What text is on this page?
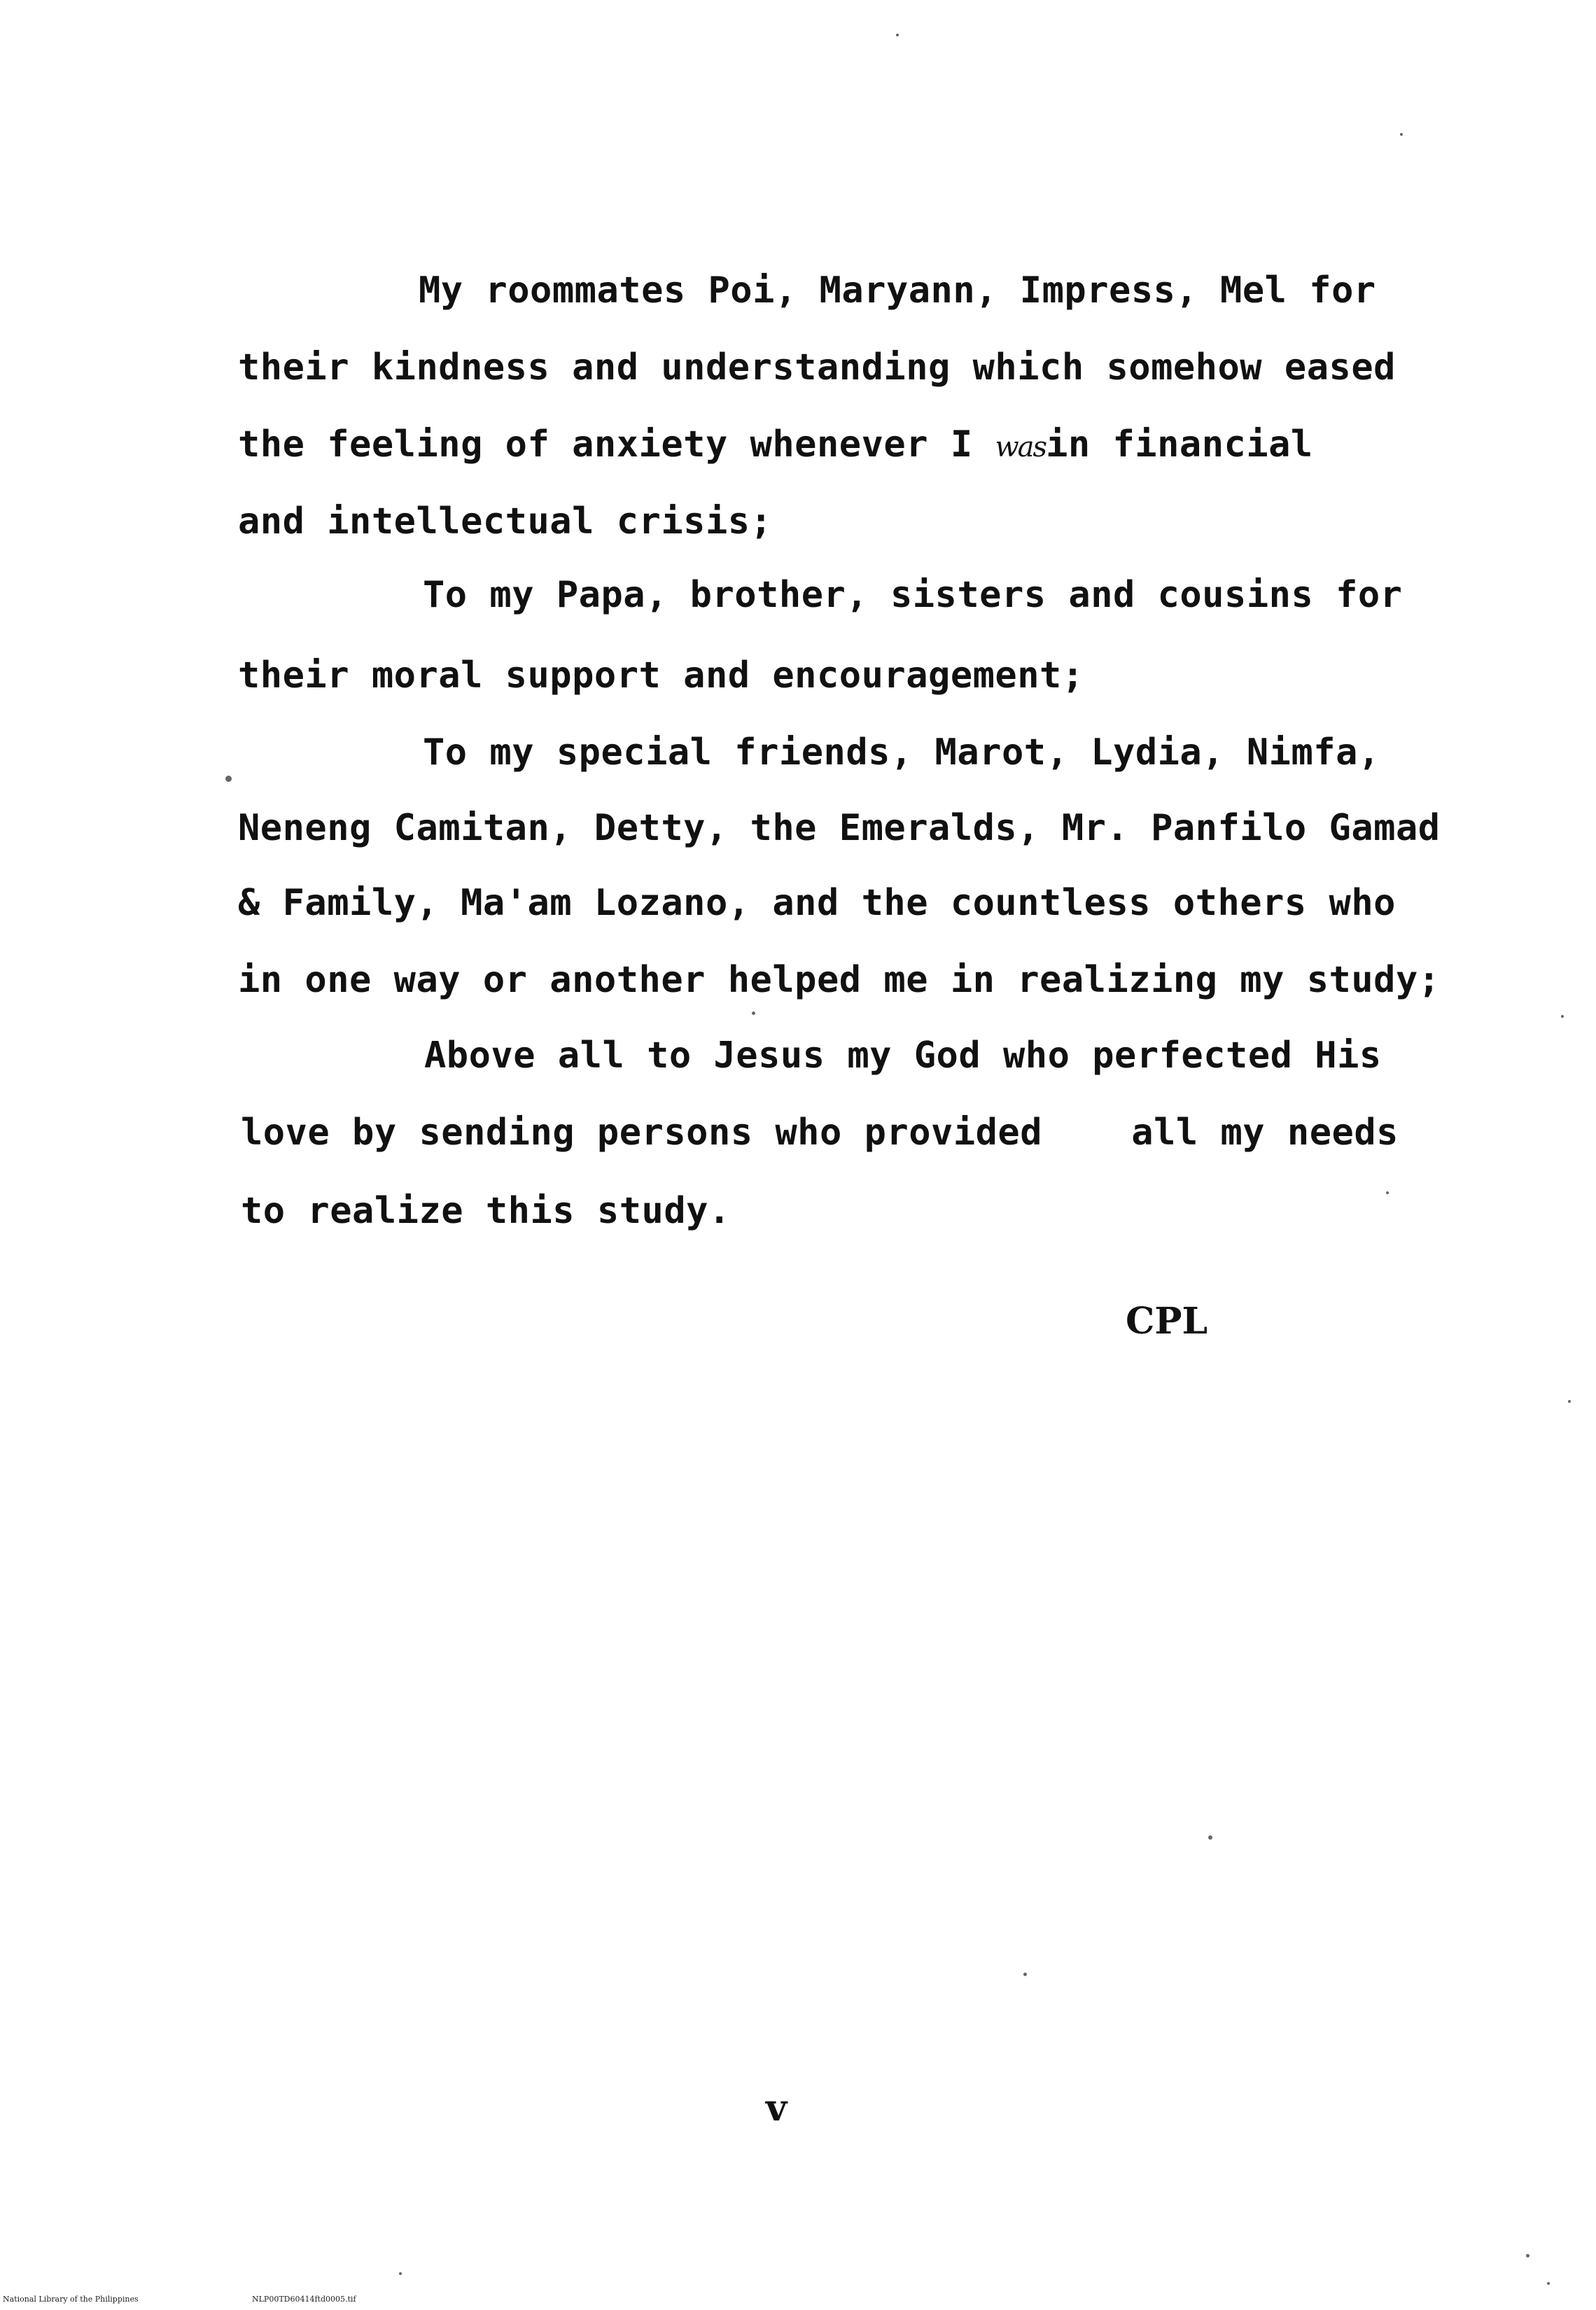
My roommates Poi, Maryann, Impress, Mel for
their kindness and understanding which somehow eased
the feeling of anxiety whenever I wasin financial
and intellectual crisis;
To my Papa, brother, sisters and cousins for
their moral support and encouragement;
To my special friends, Marot, Lydia, Nimfa,
Neneng Camitan, Detty, the Emeralds, Mr. Panfilo Gamad
& Family, Ma'am Lozano, and the countless others who
in one way or another helped me in realizing my study;
Above all to Jesus my God who perfected His
love by sending persons who provided    all my needs
to realize this study.
CPL
v
National Library of the Philippines	NLP00TD60414ftd0005.tif
